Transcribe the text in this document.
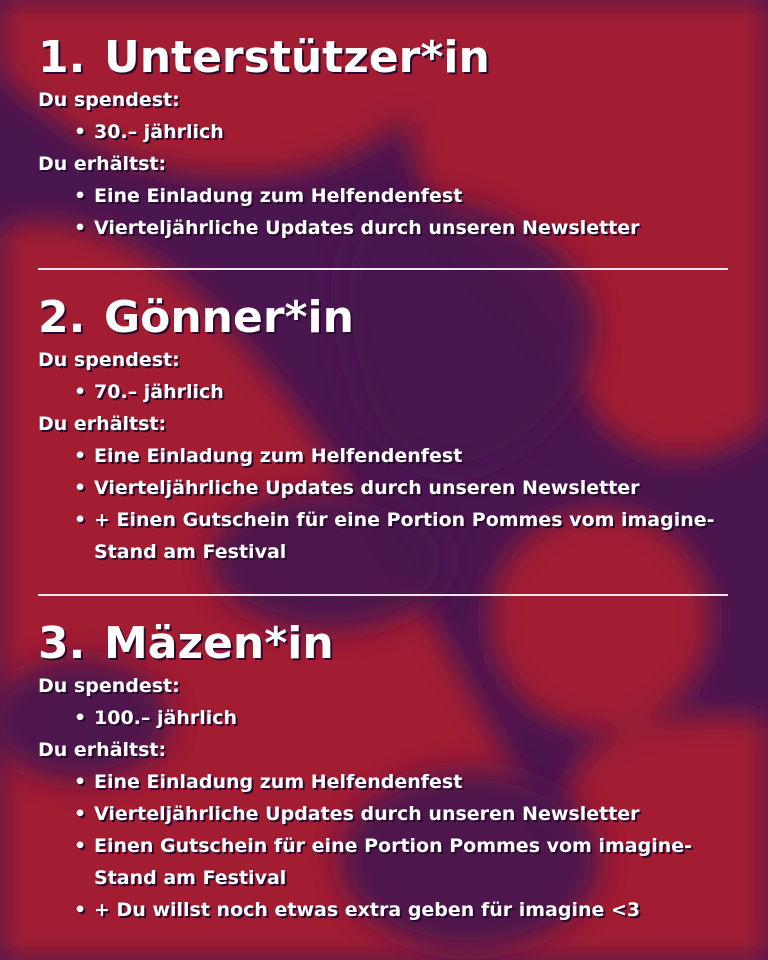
1. Unterstützer*in

Du spendest:

• 30.– jährlich

Du erhältst:

• Eine Einladung zum Helfendenfest
• Vierteljährliche Updates durch unseren Newsletter
2. Gönner*in

Du spendest:

• 70.– jährlich

Du erhältst:

• Eine Einladung zum Helfendenfest
• Vierteljährliche Updates durch unseren Newsletter
• + Einen Gutschein für eine Portion Pommes vom imagine-Stand am Festival
3. Mäzen*in

Du spendest:

• 100.– jährlich

Du erhältst:

• Eine Einladung zum Helfendenfest
• Vierteljährliche Updates durch unseren Newsletter
• Einen Gutschein für eine Portion Pommes vom imagine-Stand am Festival
• + Du willst noch etwas extra geben für imagine <3
